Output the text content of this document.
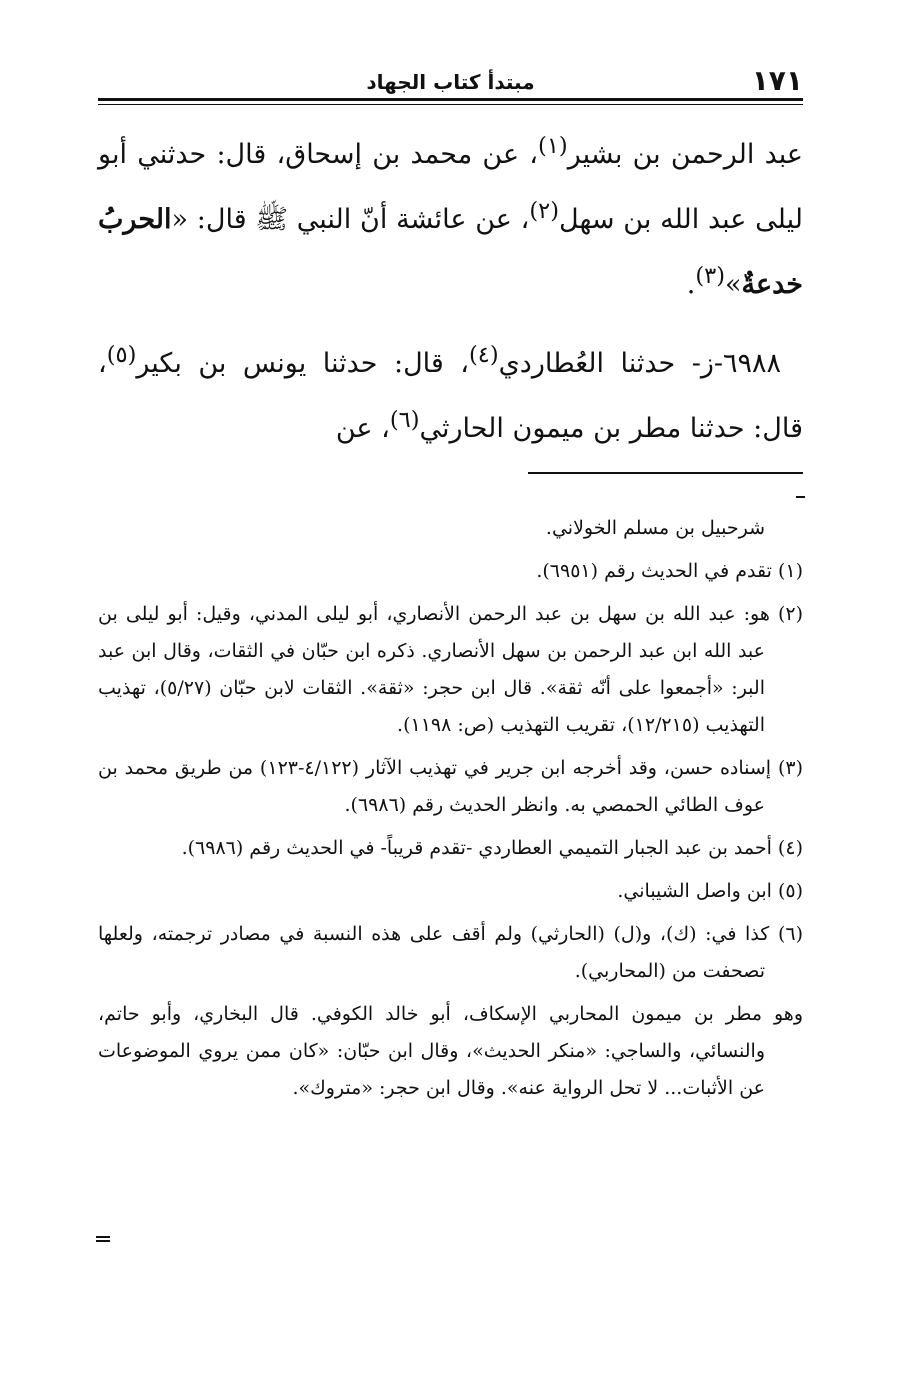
١٧١
مبتدأ كتاب الجهاد

عبد الرحمن بن بشير$^{(١)}$، عن محمد بن إسحاق، قال: حدثني أبو ليلى عبد الله بن سهل$^{(٢)}$، عن عائشة أنّ النبي ﷺ قال: «الحربُ خدعةٌ»$^{(٣)}$.

٦٩٨٨-ز- حدثنا العُطاردي$^{(٤)}$، قال: حدثنا يونس بن بكير$^{(٥)}$، قال: حدثنا مطر بن ميمون الحارثي$^{(٦)}$، عن

شرحبيل بن مسلم الخولاني.

(١) تقدم في الحديث رقم (٦٩٥١).

(٢) هو: عبد الله بن سهل بن عبد الرحمن الأنصاري، أبو ليلى المدني، وقيل: أبو ليلى بن عبد الله ابن عبد الرحمن بن سهل الأنصاري. ذكره ابن حبّان في الثقات، وقال ابن عبد البر: «أجمعوا على أنّه ثقة». قال ابن حجر: «ثقة». الثقات لابن حبّان (٥/٢٧)، تهذيب التهذيب (١٢/٢١٥)، تقريب التهذيب (ص: ١١٩٨).

(٣) إسناده حسن، وقد أخرجه ابن جرير في تهذيب الآثار (٤/١٢٢-١٢٣) من طريق محمد بن عوف الطائي الحمصي به. وانظر الحديث رقم (٦٩٨٦).

(٤) أحمد بن عبد الجبار التميمي العطاردي -تقدم قريباً- في الحديث رقم (٦٩٨٦).

(٥) ابن واصل الشيباني.

(٦) كذا في: (ك)، و(ل) (الحارثي) ولم أقف على هذه النسبة في مصادر ترجمته، ولعلها تصحفت من (المحاربي).

وهو مطر بن ميمون المحاربي الإسكاف، أبو خالد الكوفي. قال البخاري، وأبو حاتم، والنسائي، والساجي: «منكر الحديث»، وقال ابن حبّان: «كان ممن يروي الموضوعات عن الأثبات... لا تحل الرواية عنه». وقال ابن حجر: «متروك».
